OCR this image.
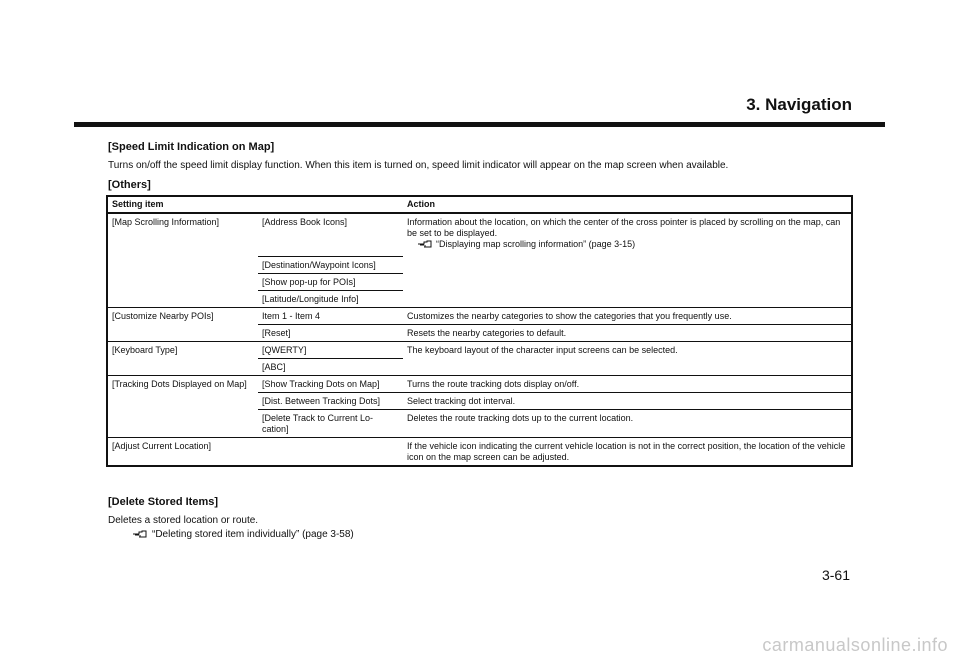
3. Navigation
[Speed Limit Indication on Map]
Turns on/off the speed limit display function. When this item is turned on, speed limit indicator will appear on the map screen when available.
[Others]
Setting item		Action
[Map Scrolling Information]	[Address Book Icons]	Information about the location, on which the center of the cross pointer is placed by scrolling on the map, can be set to be displayed.
“Displaying map scrolling information” (page 3-15)

	[Destination/Waypoint Icons]	
	[Show pop-up for POIs]	
	[Latitude/Longitude Info]	
[Customize Nearby POIs]	Item 1 - Item 4	Customizes the nearby categories to show the categories that you frequently use.
	[Reset]	Resets the nearby categories to default.
[Keyboard Type]	[QWERTY]	The keyboard layout of the character input screens can be selected.
	[ABC]	
[Tracking Dots Displayed on Map]	[Show Tracking Dots on Map]	Turns the route tracking dots display on/off.
	[Dist. Between Tracking Dots]	Select tracking dot interval.
	[Delete Track to Current Lo-cation]	Deletes the route tracking dots up to the current location.
[Adjust Current Location]		If the vehicle icon indicating the current vehicle location is not in the correct position, the location of the vehicle icon on the map screen can be adjusted.
[Delete Stored Items]
Deletes a stored location or route.
“Deleting stored item individually” (page 3-58)
3-61
carmanualsonline.info
